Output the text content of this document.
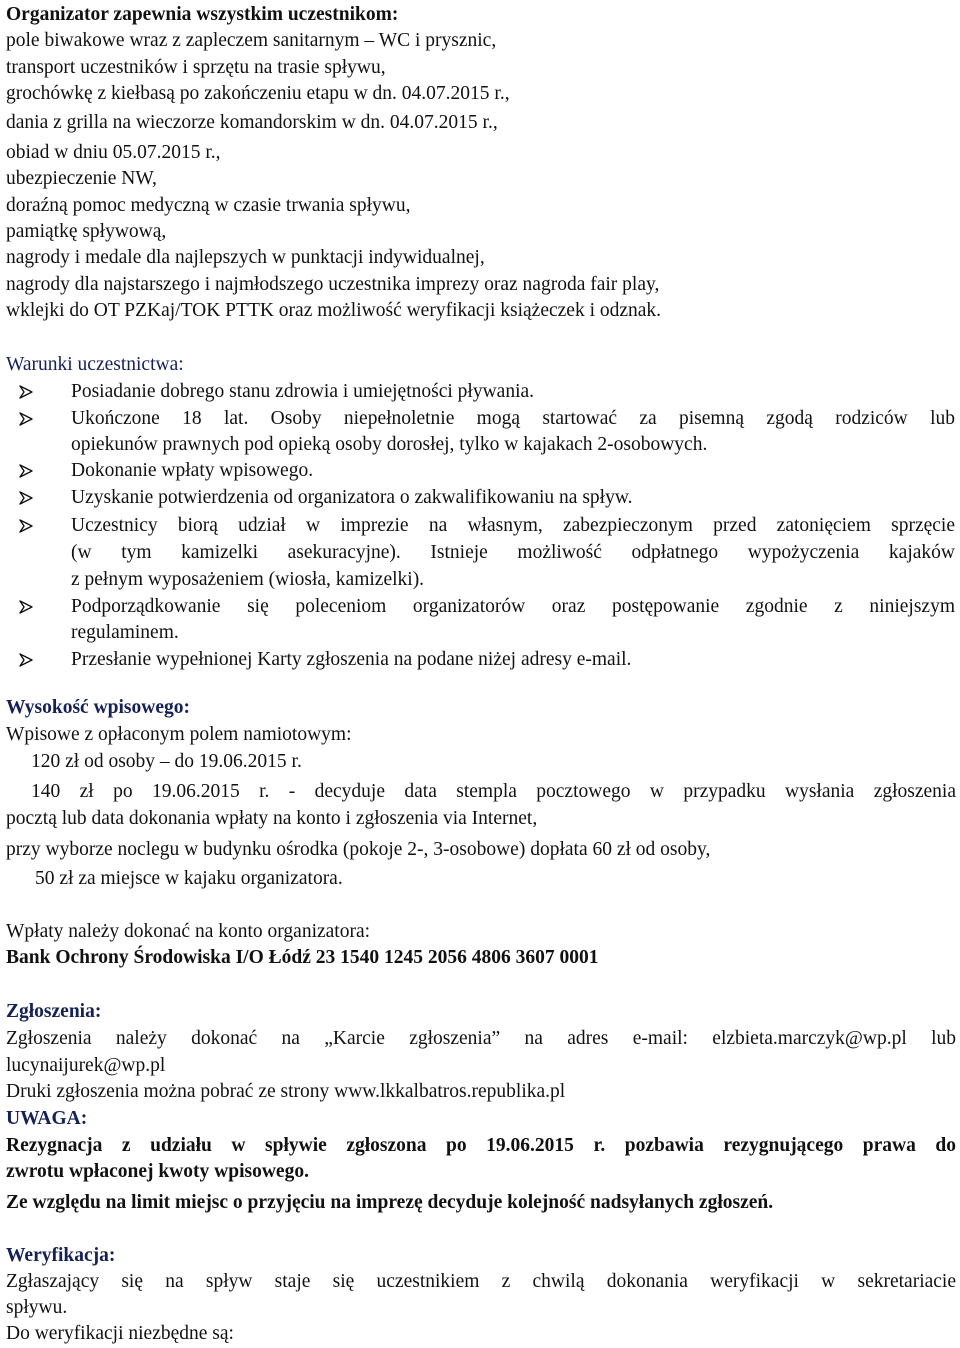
Organizator zapewnia wszystkim uczestnikom:
pole biwakowe wraz z zapleczem sanitarnym – WC i prysznic,
transport uczestników i sprzętu na trasie spływu,
grochówkę z kiełbasą po zakończeniu etapu w dn. 04.07.2015 r.,
dania z grilla na wieczorze komandorskim w dn. 04.07.2015 r.,
obiad w dniu 05.07.2015 r.,
ubezpieczenie NW,
doraźną pomoc medyczną w czasie trwania spływu,
pamiątkę spływową,
nagrody i medale dla najlepszych w punktacji indywidualnej,
nagrody dla najstarszego i najmłodszego uczestnika imprezy oraz nagroda fair play,
wklejki do OT PZKaj/TOK PTTK oraz możliwość weryfikacji książeczek i odznak.
Warunki uczestnictwa:
Posiadanie dobrego stanu zdrowia i umiejętności pływania.
Ukończone 18 lat. Osoby niepełnoletnie mogą startować za pisemną zgodą rodziców lub
opiekunów prawnych pod opieką osoby dorosłej, tylko w kajakach 2-osobowych.
Dokonanie wpłaty wpisowego.
Uzyskanie potwierdzenia od organizatora o zakwalifikowaniu na spływ.
Uczestnicy biorą udział w imprezie na własnym, zabezpieczonym przed zatonięciem sprzęcie
(w tym kamizelki asekuracyjne). Istnieje możliwość odpłatnego wypożyczenia kajaków
z pełnym wyposażeniem (wiosła, kamizelki).
Podporządkowanie się poleceniom organizatorów oraz postępowanie zgodnie z niniejszym
regulaminem.
Przesłanie wypełnionej Karty zgłoszenia na podane niżej adresy e-mail.
Wysokość wpisowego:
Wpisowe z opłaconym polem namiotowym:
120 zł od osoby – do 19.06.2015 r.
140 zł po 19.06.2015 r. - decyduje data stempla pocztowego w przypadku wysłania zgłoszenia
pocztą lub data dokonania wpłaty na konto i zgłoszenia via Internet,
przy wyborze noclegu w budynku ośrodka (pokoje 2-, 3-osobowe) dopłata 60 zł od osoby,
50 zł za miejsce w kajaku organizatora.
Wpłaty należy dokonać na konto organizatora:
Bank Ochrony Środowiska I/O Łódź 23 1540 1245 2056 4806 3607 0001
Zgłoszenia:
Zgłoszenia należy dokonać na „Karcie zgłoszenia” na adres e-mail: elzbieta.marczyk@wp.pl lub
lucynaijurek@wp.pl
Druki zgłoszenia można pobrać ze strony www.lkkalbatros.republika.pl
UWAGA:
Rezygnacja z udziału w spływie zgłoszona po 19.06.2015 r. pozbawia rezygnującego prawa do
zwrotu wpłaconej kwoty wpisowego.
Ze względu na limit miejsc o przyjęciu na imprezę decyduje kolejność nadsyłanych zgłoszeń.
Weryfikacja:
Zgłaszający się na spływ staje się uczestnikiem z chwilą dokonania weryfikacji w sekretariacie
spływu.
Do weryfikacji niezbędne są:
